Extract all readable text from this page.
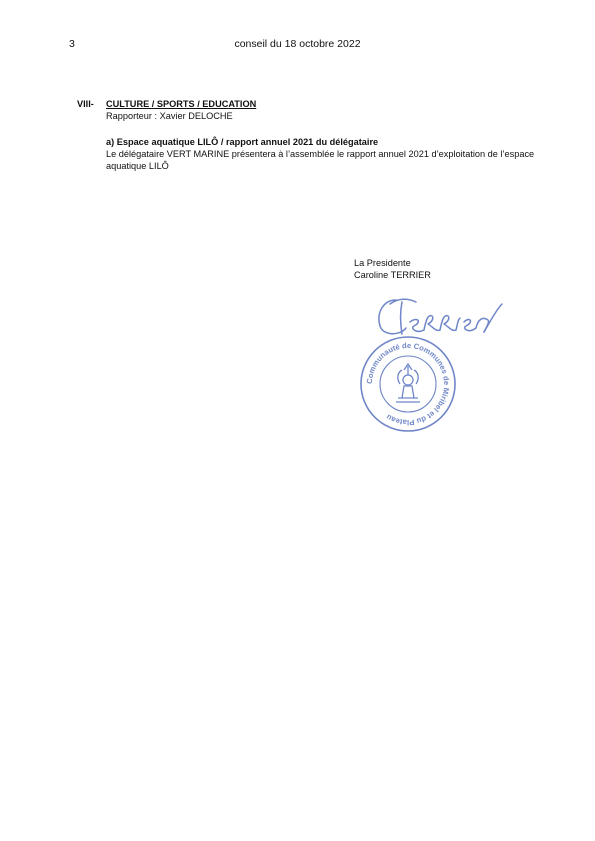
3	conseil du 18 octobre 2022
VIII- CULTURE / SPORTS / EDUCATION
Rapporteur : Xavier DELOCHE
a) Espace aquatique LILÔ / rapport annuel 2021 du délégataire
Le délégataire VERT MARINE présentera à l’assemblée le rapport annuel 2021 d’exploitation de l’espace aquatique LILÔ
La Presidente
Caroline TERRIER
Communauté de Communes de Miribel et du Plateau
